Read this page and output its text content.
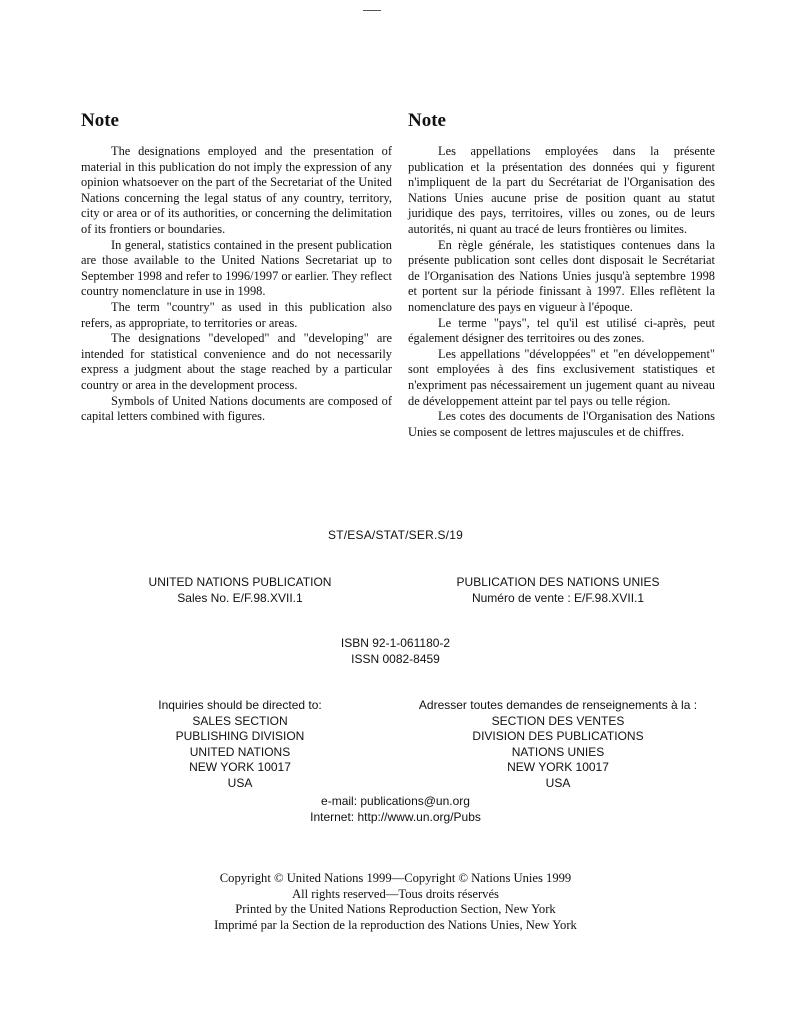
Note

The designations employed and the presentation of material in this publication do not imply the expression of any opinion whatsoever on the part of the Secretariat of the United Nations concerning the legal status of any country, territory, city or area or of its authorities, or concerning the delimitation of its frontiers or boundaries.

In general, statistics contained in the present publication are those available to the United Nations Secretariat up to September 1998 and refer to 1996/1997 or earlier. They reflect country nomenclature in use in 1998.

The term "country" as used in this publication also refers, as appropriate, to territories or areas.

The designations "developed" and "developing" are intended for statistical convenience and do not necessarily express a judgment about the stage reached by a particular country or area in the development process.

Symbols of United Nations documents are composed of capital letters combined with figures.

Note

Les appellations employées dans la présente publication et la présentation des données qui y figurent n'impliquent de la part du Secrétariat de l'Organisation des Nations Unies aucune prise de position quant au statut juridique des pays, territoires, villes ou zones, ou de leurs autorités, ni quant au tracé de leurs frontières ou limites.

En règle générale, les statistiques contenues dans la présente publication sont celles dont disposait le Secrétariat de l'Organisation des Nations Unies jusqu'à septembre 1998 et portent sur la période finissant à 1997. Elles reflètent la nomenclature des pays en vigueur à l'époque.

Le terme "pays", tel qu'il est utilisé ci-après, peut également désigner des territoires ou des zones.

Les appellations "développées" et "en développement" sont employées à des fins exclusivement statistiques et n'expriment pas nécessairement un jugement quant au niveau de développement atteint par tel pays ou telle région.

Les cotes des documents de l'Organisation des Nations Unies se composent de lettres majuscules et de chiffres.

ST/ESA/STAT/SER.S/19
UNITED NATIONS PUBLICATION
Sales No. E/F.98.XVII.1
PUBLICATION DES NATIONS UNIES
Numéro de vente : E/F.98.XVII.1
ISBN 92-1-061180-2
ISSN 0082-8459
Inquiries should be directed to:
SALES SECTION
PUBLISHING DIVISION
UNITED NATIONS
NEW YORK 10017
USA
Adresser toutes demandes de renseignements à la :
SECTION DES VENTES
DIVISION DES PUBLICATIONS
NATIONS UNIES
NEW YORK 10017
USA
e-mail: publications@un.org
Internet: http://www.un.org/Pubs
Copyright © United Nations 1999—Copyright © Nations Unies 1999
All rights reserved—Tous droits réservés
Printed by the United Nations Reproduction Section, New York
Imprimé par la Section de la reproduction des Nations Unies, New York
